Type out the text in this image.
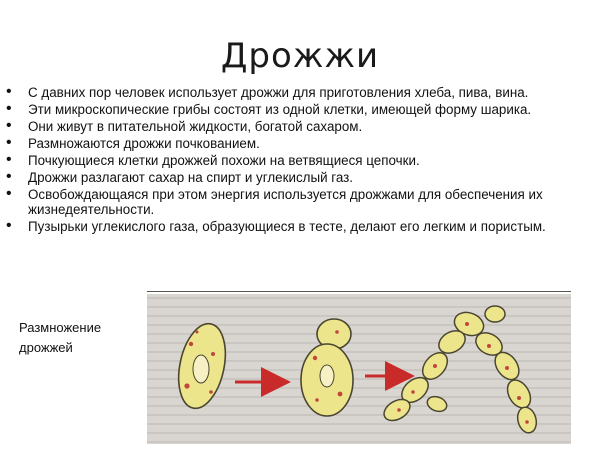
Дрожжи
• С давних пор человек использует дрожжи для приготовления хлеба, пива, вина.
• Эти микроскопические грибы состоят из одной клетки, имеющей форму шарика.
• Они живут в питательной жидкости, богатой сахаром.
• Размножаются дрожжи почкованием.
• Почкующиеся клетки дрожжей похожи на ветвящиеся цепочки.
• Дрожжи разлагают сахар на спирт и углекислый газ.
• Освобождающаяся при этом энергия используется дрожжами для обеспечения их жизнедеятельности.
• Пузырьки углекислого газа, образующиеся в тесте, делают его легким и пористым.
Размножение
дрожжей
